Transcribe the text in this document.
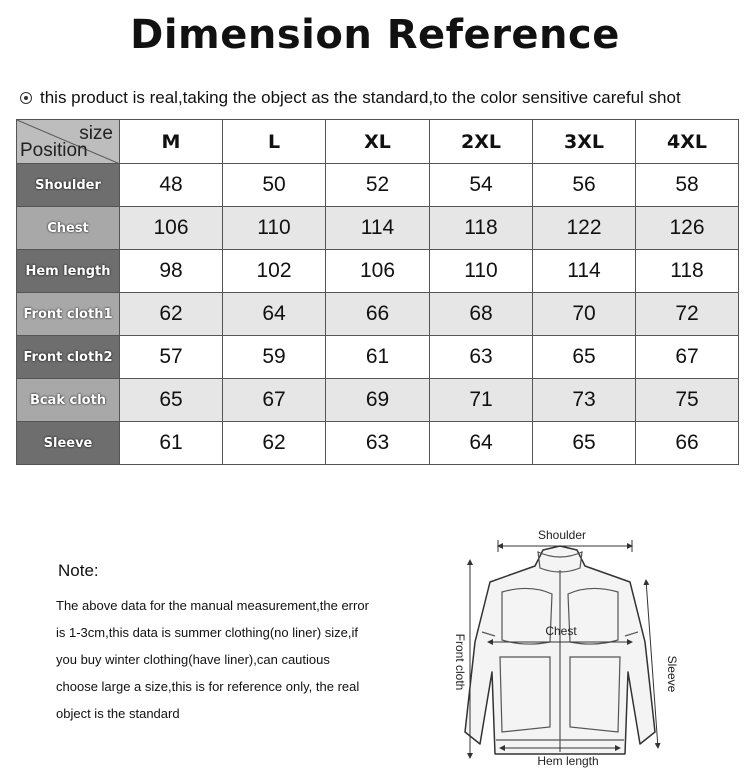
Dimension Reference
this product is real,taking the object as the standard,to the color sensitive careful shot
size
Position	M	L	XL	2XL	3XL	4XL
Shoulder	48	50	52	54	56	58
Chest	106	110	114	118	122	126
Hem length	98	102	106	110	114	118
Front cloth1	62	64	66	68	70	72
Front cloth2	57	59	61	63	65	67
Bcak cloth	65	67	69	71	73	75
Sleeve	61	62	63	64	65	66
Note:
The above data for the manual measurement,the error
is 1-3cm,this data is summer clothing(no liner) size,if
you buy winter clothing(have liner),can cautious
choose large a size,this is for reference only, the real
object is the standard
Shoulder
Chest
Front cloth	Sleeve
Hem length
